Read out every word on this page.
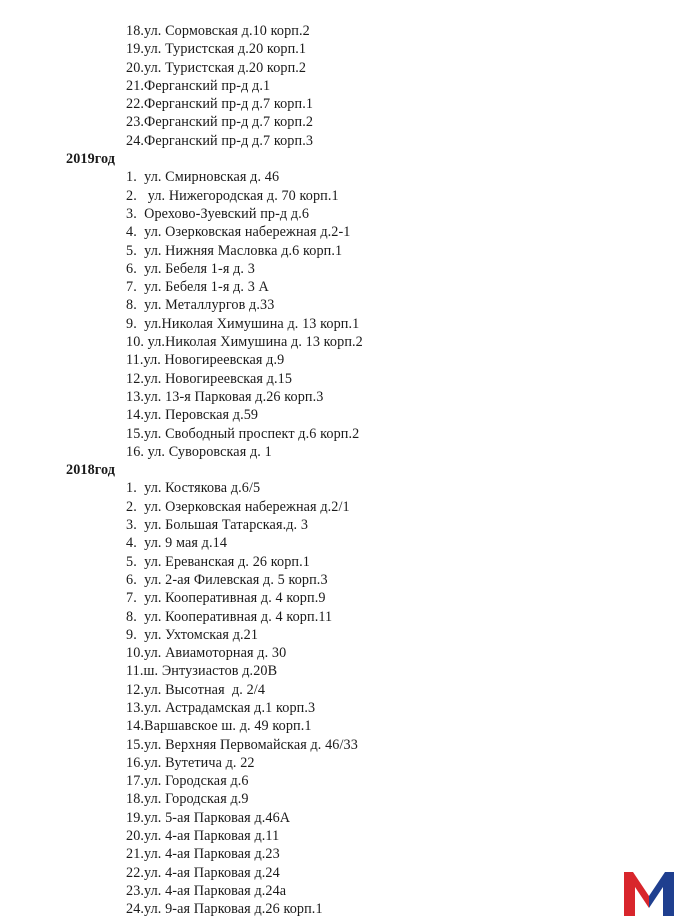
18.ул. Сормовская д.10 корп.2
19.ул. Туристская д.20 корп.1
20.ул. Туристская д.20 корп.2
21.Ферганский пр-д д.1
22.Ферганский пр-д д.7 корп.1
23.Ферганский пр-д д.7 корп.2
24.Ферганский пр-д д.7 корп.3
2019год
1.  ул. Смирновская д. 46
2.   ул. Нижегородская д. 70 корп.1
3.  Орехово-Зуевский пр-д д.6
4.  ул. Озерковская набережная д.2-1
5.  ул. Нижняя Масловка д.6 корп.1
6.  ул. Бебеля 1-я д. 3
7.  ул. Бебеля 1-я д. 3 А
8.  ул. Металлургов д.33
9.  ул.Николая Химушина д. 13 корп.1
10. ул.Николая Химушина д. 13 корп.2
11.ул. Новогиреевская д.9
12.ул. Новогиреевская д.15
13.ул. 13-я Парковая д.26 корп.3
14.ул. Перовская д.59
15.ул. Свободный проспект д.6 корп.2
16. ул. Суворовская д. 1
2018год
1.  ул. Костякова д.6/5
2.  ул. Озерковская набережная д.2/1
3.  ул. Большая Татарская.д. 3
4.  ул. 9 мая д.14
5.  ул. Ереванская д. 26 корп.1
6.  ул. 2-ая Филевская д. 5 корп.3
7.  ул. Кооперативная д. 4 корп.9
8.  ул. Кооперативная д. 4 корп.11
9.  ул. Ухтомская д.21
10.ул. Авиамоторная д. 30
11.ш. Энтузиастов д.20В
12.ул. Высотная  д. 2/4
13.ул. Астрадамская д.1 корп.3
14.Варшавское ш. д. 49 корп.1
15.ул. Верхняя Первомайская д. 46/33
16.ул. Вутетича д. 22
17.ул. Городская д.6
18.ул. Городская д.9
19.ул. 5-ая Парковая д.46А
20.ул. 4-ая Парковая д.11
21.ул. 4-ая Парковая д.23
22.ул. 4-ая Парковая д.24
23.ул. 4-ая Парковая д.24а
24.ул. 9-ая Парковая д.26 корп.1
